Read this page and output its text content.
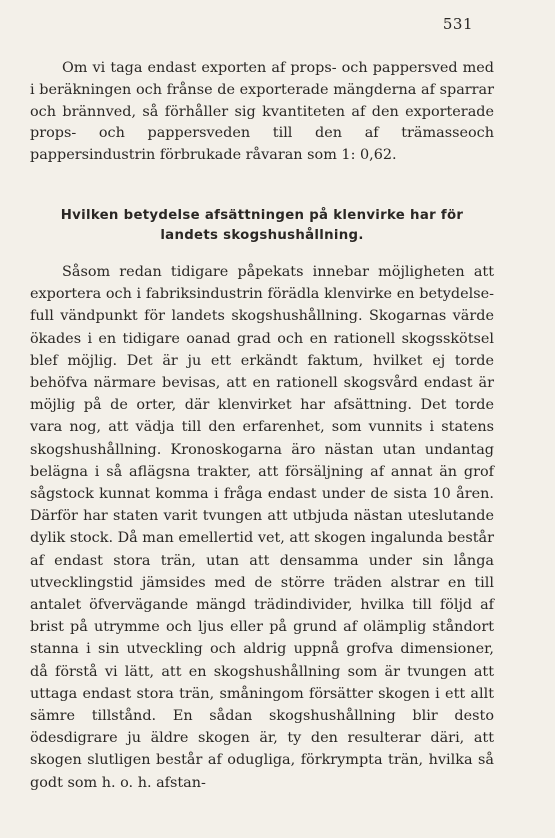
531

Om vi taga endast exporten af props- och pappersved med i beräkningen och frånse de exporterade mängderna af sparrar och brännved, så förhåller sig kvantiteten af den exporterade props- och pappersveden till den af trämasseoch pappersindustrin förbrukade råvaran som 1: 0,62.

Hvilken betydelse afsättningen på klenvirke har för
landets skogshushållning.

Såsom redan tidigare påpekats innebar möjligheten att exportera och i fabriksindustrin förädla klenvirke en betydelsefull vändpunkt för landets skogshushållning. Skogarnas värde ökades i en tidigare oanad grad och en rationell skogsskötsel blef möjlig. Det är ju ett erkändt faktum, hvilket ej torde behöfva närmare bevisas, att en rationell skogsvård endast är möjlig på de orter, där klenvirket har afsättning. Det torde vara nog, att vädja till den erfarenhet, som vunnits i statens skogshushållning. Kronoskogarna äro nästan utan undantag belägna i så aflägsna trakter, att försäljning af annat än grof sågstock kunnat komma i fråga endast under de sista 10 åren. Därför har staten varit tvungen att utbjuda nästan uteslutande dylik stock. Då man emellertid vet, att skogen ingalunda består af endast stora trän, utan att densamma under sin långa utvecklingstid jämsides med de större träden alstrar en till antalet öfvervägande mängd trädindivider, hvilka till följd af brist på utrymme och ljus eller på grund af olämplig ståndort stanna i sin utveckling och aldrig uppnå grofva dimensioner, då förstå vi lätt, att en skogshushållning som är tvungen att uttaga endast stora trän, småningom försätter skogen i ett allt sämre tillstånd. En sådan skogshushållning blir desto ödesdigrare ju äldre skogen är, ty den resulterar däri, att skogen slutligen består af odugliga, förkrympta trän, hvilka så godt som h. o. h. afstan-
